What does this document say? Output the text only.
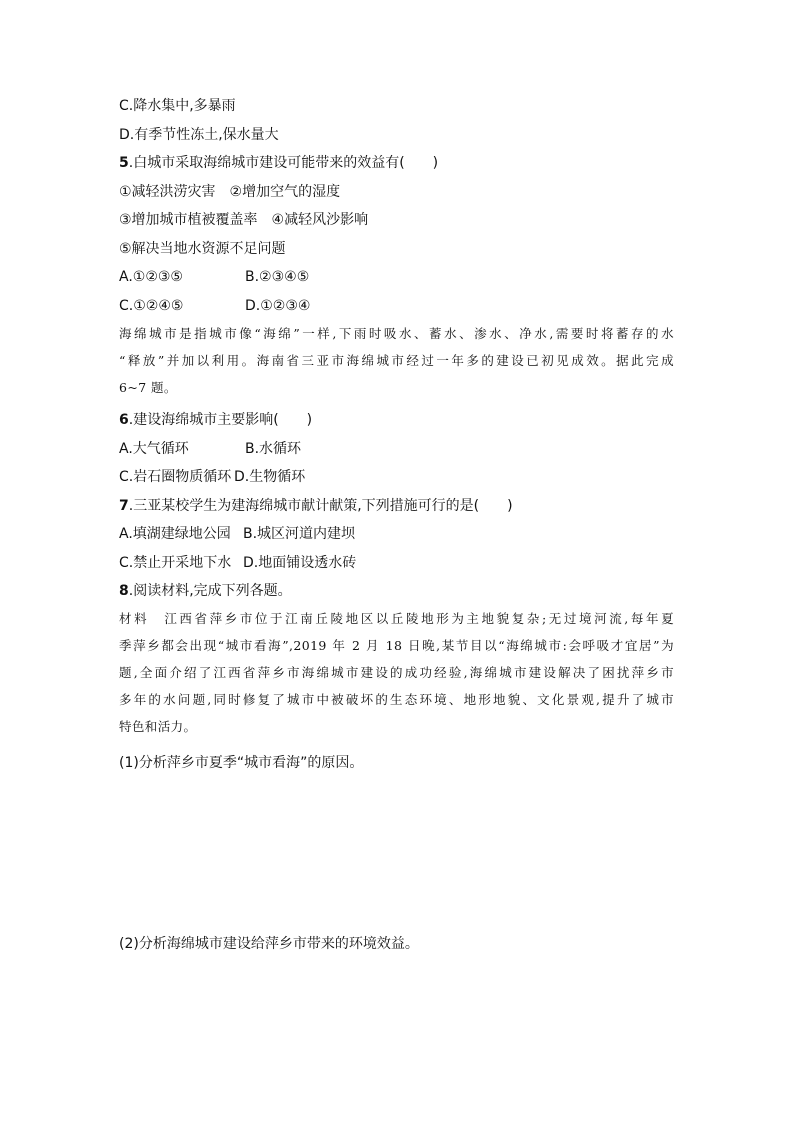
C.降水集中,多暴雨
D.有季节性冻土,保水量大
5.白城市采取海绵城市建设可能带来的效益有(　　)
①减轻洪涝灾害　②增加空气的湿度
③增加城市植被覆盖率　④减轻风沙影响
⑤解决当地水资源不足问题
A.①②③⑤	B.②③④⑤
C.①②④⑤	D.①②③④
海绵城市是指城市像“海绵”一样,下雨时吸水、蓄水、渗水、净水,需要时将蓄存的水
“释放”并加以利用。海南省三亚市海绵城市经过一年多的建设已初见成效。据此完成
6~7 题。
6.建设海绵城市主要影响(　　)
A.大气循环	B.水循环
C.岩石圈物质循环 D.生物循环
7.三亚某校学生为建海绵城市献计献策,下列措施可行的是(　　)
A.填湖建绿地公园 B.城区河道内建坝
C.禁止开采地下水 D.地面铺设透水砖
8.阅读材料,完成下列各题。
材料　江西省萍乡市位于江南丘陵地区以丘陵地形为主地貌复杂;无过境河流,每年夏
季萍乡都会出现“城市看海”,2019 年 2 月 18 日晚,某节目以“海绵城市:会呼吸才宜居”为
题,全面介绍了江西省萍乡市海绵城市建设的成功经验,海绵城市建设解决了困扰萍乡市
多年的水问题,同时修复了城市中被破坏的生态环境、地形地貌、文化景观,提升了城市
特色和活力。
(1)分析萍乡市夏季“城市看海”的原因。
(2)分析海绵城市建设给萍乡市带来的环境效益。
